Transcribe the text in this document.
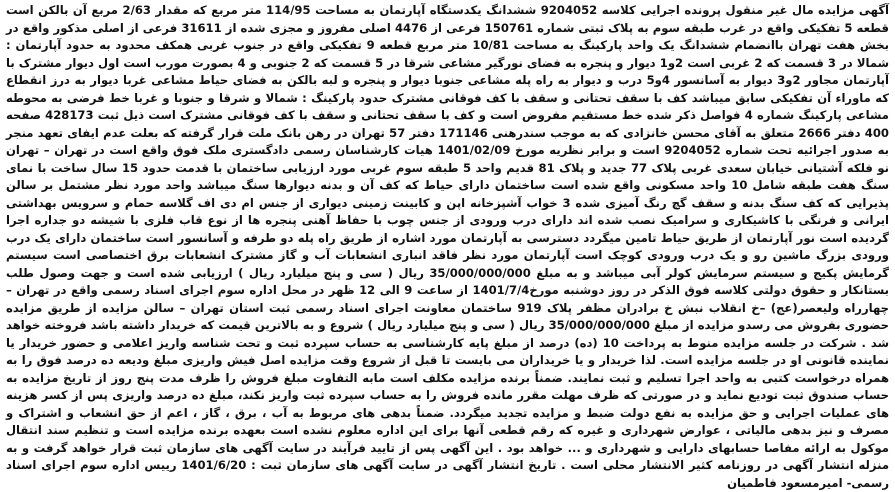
آگهی مزایده مال غیر منقول پرونده اجرایی کلاسه 9204052 ششدانگ یکدستگاه آپارتمان به مساحت 114/95 متر مربع که مقدار 2/63 مربع آن بالکن است قطعه 5 تفکیکی واقع در غرب طبقه سوم به پلاک ثبتی شماره 150761 فرعی از 4476 اصلی مفروز و مجزی شده از 31611 فرعی از اصلی مذکور واقع در بخش هفت تهران باانضمام ششدانگ یک واحد پارکینگ به مساحت 10/81 متر مربع قطعه 9 تفکیکی واقع در جنوب غربی همکف محدود به حدود آپارتمان : شمالا در 3 قسمت که 2 غربی است 2و1 دیوار و پنجره به فضای نورگیر مشاعی شرقا در 5 قسمت که 2 جنوبی و 4 بصورت مورب است اول دیوار مشترک با آپارتمان مجاور 2و3 دیوار به آسانسور 4و5 درب و دیوار به راه پله مشاعی جنوبا دیوار و پنجره و لبه بالکن به فضای حیاط مشاعی غربا دیوار به درز انقطاع که ماوراء آن تفکیکی سابق میباشد کف با سقف تحتانی و سقف با کف فوقانی مشترک حدود پارکینگ : شمالا و شرقا و جنوبا و غربا خط فرضی به محوطه مشاعی پارکینگ شماره 4 فواصل ذکر شده خط مستقیم مفروض است و کف با سقف تحتانی و سقف با کف فوقانی مشترک است ذیل ثبت 428173 صفحه 400 دفتر 2666 متعلق به آقای محسن خانزادی که به موجب سندرهنی 171146 دفتر 57 تهران در رهن بانک ملت قرار گرفته که بعلت عدم ایفای تعهد منجر به صدور اجرائیه تحت شماره 9204052 است و برابر نظریه مورخ 1401/02/09 هیات کارشناسان رسمی دادگستری ملک فوق واقع است در تهران – تهران نو فلکه آشتیانی خیابان سعدی غربی پلاک 77 جدید و پلاک 81 قدیم واحد 5 طبقه سوم غربی مورد ارزیابی ساختمان با قدمت حدود 15 سال ساخت با نمای سنگ هفت طبقه شامل 10 واحد مسکونی واقع شده است ساختمان دارای حیاط که کف آن و بدنه دیوارها سنگ میباشد واحد مورد نظر مشتمل بر سالن پذیرایی که کف سنگ بدنه و سقف گچ رنگ آمیزی شده 3 خواب آشپزخانه اپن و کابینت زمینی دیواری از جنس ام دی اف گلاسه حمام و سرویس بهداشتی ایرانی و فرنگی با کاشیکاری و سرامیک نصب شده اند دارای درب ورودی از جنس چوب با حفاظ آهنی پنجره ها از نوع قاب فلزی با شیشه دو جداره اجرا گردیده است نور آپارتمان از طریق حیاط تامین میگردد دسترسی به آپارتمان مورد اشاره از طریق راه پله دو طرفه و آسانسور است ساختمان دارای یک درب ورودی بزرگ ماشین رو و یک درب ورودی کوچک است آپارتمان مورد نظر فاقد انباری انشعابات آب و گاز مشترک انشعابات برق اختصاصی است سیستم گرمایش پکیج و سیستم سرمایش کولر آبی میباشد و به مبلغ 35/000/000/000 ریال ( سی و پنج میلیارد ریال ) ارزیابی شده است و جهت وصول طلب بستانکار و حقوق دولتی کلاسه فوق الذکر در روز دوشنبه مورخ1401/7/4 از ساعت 9 الی 12 ظهر در محل اداره سوم اجرای اسناد رسمی واقع در تهران – چهارراه ولیعصر(عج) –خ انقلاب نبش خ برادران مظفر پلاک 919 ساختمان معاونت اجرای اسناد رسمی ثبت استان تهران – سالن مزایده از طریق مزایده حضوری بفروش می رسدو مزایده از مبلغ 35/000/000/000 ریال ( سی و پنج میلیارد ریال ) شروع و به بالاترین قیمت که خریدار داشته باشد فروخته خواهد شد . شرکت در جلسه مزایده منوط به پرداخت 10 (ده) درصد از مبلغ پایه کارشناسی به حساب سپرده ثبت و تحت شناسه واریز اعلامی و حضور خریدار یا نماینده قانونی او در جلسه مزایده است. لذا خریدار و یا خریداران می بایست تا قبل از شروع وقت مزایده اصل فیش واریزی مبلغ ودیعه ده درصد فوق را به همراه درخواست کتبی به واحد اجرا تسلیم و ثبت نمایند. ضمناً برنده مزایده مکلف است مابه التفاوت مبلغ فروش را ظرف مدت پنج روز از تاریخ مزایده به حساب صندوق ثبت تودیع نماید و در صورتی که ظرف مهلت مقرر مانده فروش را به حساب سپرده ثبت واریز نکند، مبلغ ده درصد واریزی پس از کسر هزینه های عملیات اجرایی و حق مزایده به نفع دولت ضبط و مزایده تجدید میگردد. ضمناً بدهی های مربوط به آب ، برق ، گاز ، اعم از حق انشعاب و اشتراک و مصرف و نیز بدهی مالیاتی ، عوارض شهرداری و غیره که رقم قطعی آنها برای این اداره معلوم نشده است بعهده برنده مزایده است و تنظیم سند انتقال موکول به ارائه مفاصا حسابهای دارایی و شهرداری و ... خواهد بود . این آگهی پس از تایید فرآیند در سایت آگهی های سازمان ثبت قرار خواهد گرفت و به منزله انتشار آگهی در روزنامه کثیر الانتشار محلی است . تاریخ انتشار آگهی در سایت آگهی های سازمان ثبت : 1401/6/20 رییس اداره سوم اجرای اسناد رسمی- امیرمسعود فاطمیان
